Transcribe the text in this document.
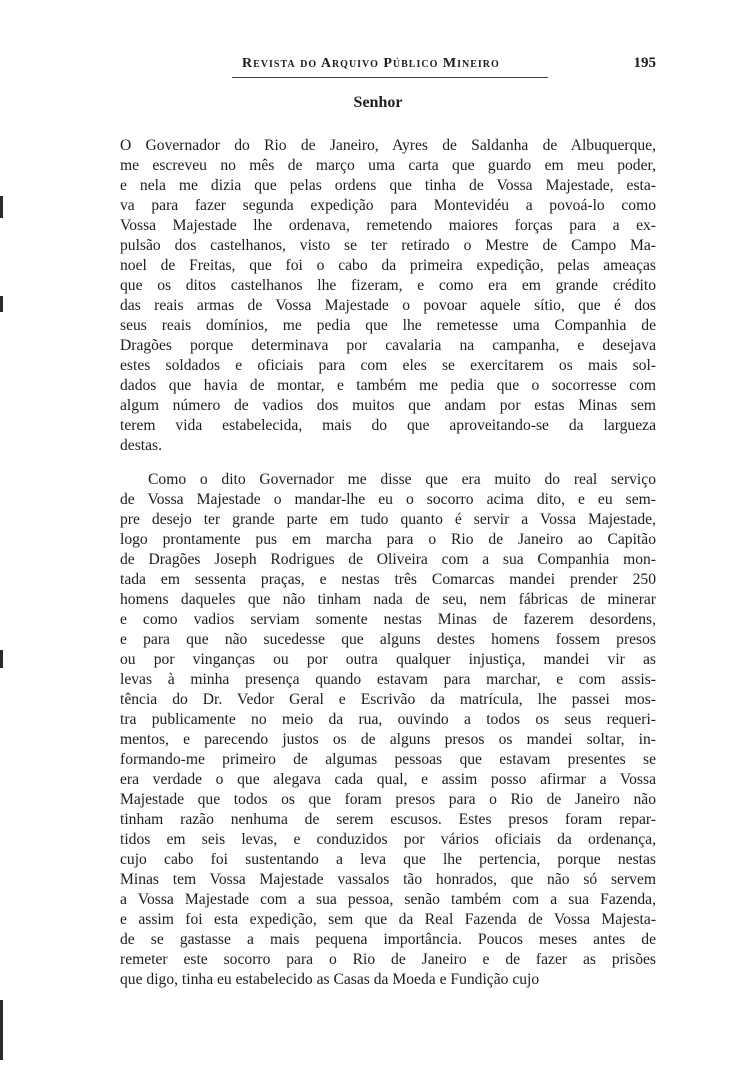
Revista do Arquivo Público Mineiro	195
Senhor
O Governador do Rio de Janeiro, Ayres de Saldanha de Albuquerque,
me escreveu no mês de março uma carta que guardo em meu poder,
e nela me dizia que pelas ordens que tinha de Vossa Majestade, esta-
va para fazer segunda expedição para Montevidéu a povoá-lo como
Vossa Majestade lhe ordenava, remetendo maiores forças para a ex-
pulsão dos castelhanos, visto se ter retirado o Mestre de Campo Ma-
noel de Freitas, que foi o cabo da primeira expedição, pelas ameaças
que os ditos castelhanos lhe fizeram, e como era em grande crédito
das reais armas de Vossa Majestade o povoar aquele sítio, que é dos
seus reais domínios, me pedia que lhe remetesse uma Companhia de
Dragões porque determinava por cavalaria na campanha, e desejava
estes soldados e oficiais para com eles se exercitarem os mais sol-
dados que havia de montar, e também me pedia que o socorresse com
algum número de vadios dos muitos que andam por estas Minas sem
terem vida estabelecida, mais do que aproveitando-se da largueza
destas.
Como o dito Governador me disse que era muito do real serviço
de Vossa Majestade o mandar-lhe eu o socorro acima dito, e eu sem-
pre desejo ter grande parte em tudo quanto é servir a Vossa Majestade,
logo prontamente pus em marcha para o Rio de Janeiro ao Capitão
de Dragões Joseph Rodrigues de Oliveira com a sua Companhia mon-
tada em sessenta praças, e nestas três Comarcas mandei prender 250
homens daqueles que não tinham nada de seu, nem fábricas de minerar
e como vadios serviam somente nestas Minas de fazerem desordens,
e para que não sucedesse que alguns destes homens fossem presos
ou por vinganças ou por outra qualquer injustiça, mandei vir as
levas à minha presença quando estavam para marchar, e com assis-
tência do Dr. Vedor Geral e Escrivão da matrícula, lhe passei mos-
tra publicamente no meio da rua, ouvindo a todos os seus requeri-
mentos, e parecendo justos os de alguns presos os mandei soltar, in-
formando-me primeiro de algumas pessoas que estavam presentes se
era verdade o que alegava cada qual, e assim posso afirmar a Vossa
Majestade que todos os que foram presos para o Rio de Janeiro não
tinham razão nenhuma de serem escusos. Estes presos foram repar-
tidos em seis levas, e conduzidos por vários oficiais da ordenança,
cujo cabo foi sustentando a leva que lhe pertencia, porque nestas
Minas tem Vossa Majestade vassalos tão honrados, que não só servem
a Vossa Majestade com a sua pessoa, senão também com a sua Fazenda,
e assim foi esta expedição, sem que da Real Fazenda de Vossa Majesta-
de se gastasse a mais pequena importância. Poucos meses antes de
remeter este socorro para o Rio de Janeiro e de fazer as prisões
que digo, tinha eu estabelecido as Casas da Moeda e Fundição cujo
